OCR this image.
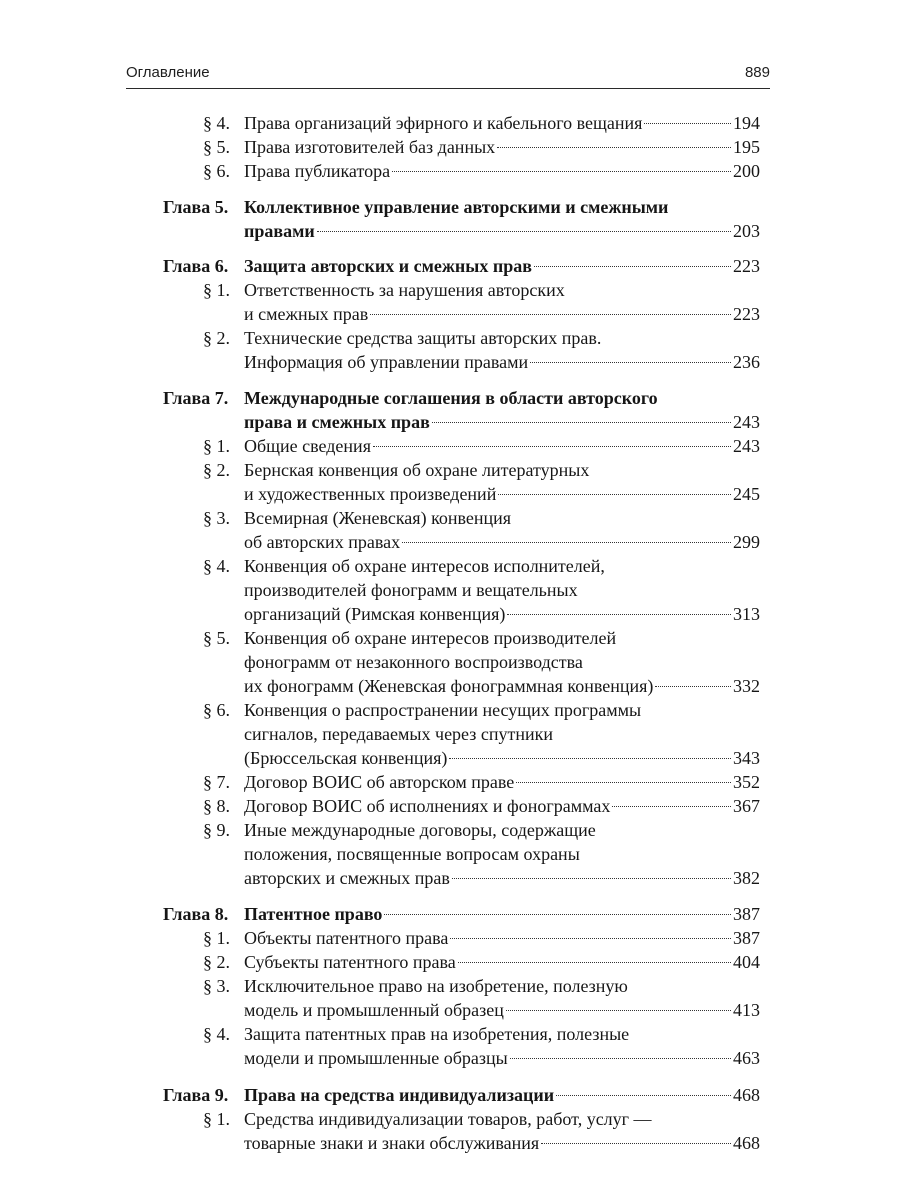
Оглавление	889
§ 4. Права организаций эфирного и кабельного вещания	194
§ 5. Права изготовителей баз данных	195
§ 6. Права публикатора	200
Глава 5. Коллективное управление авторскими и смежными
правами	203
Глава 6. Защита авторских и смежных прав	223
§ 1. Ответственность за нарушения авторских
и смежных прав	223
§ 2. Технические средства защиты авторских прав.
Информация об управлении правами	236
Глава 7. Международные соглашения в области авторского
права и смежных прав	243
§ 1. Общие сведения	243
§ 2. Бернская конвенция об охране литературных
и художественных произведений	245
§ 3. Всемирная (Женевская) конвенция
об авторских правах	299
§ 4. Конвенция об охране интересов исполнителей,
производителей фонограмм и вещательных
организаций (Римская конвенция)	313
§ 5. Конвенция об охране интересов производителей
фонограмм от незаконного воспроизводства
их фонограмм (Женевская фонограммная конвенция)	332
§ 6. Конвенция о распространении несущих программы
сигналов, передаваемых через спутники
(Брюссельская конвенция)	343
§ 7. Договор ВОИС об авторском праве	352
§ 8. Договор ВОИС об исполнениях и фонограммах	367
§ 9. Иные международные договоры, содержащие
положения, посвященные вопросам охраны
авторских и смежных прав	382
Глава 8. Патентное право	387
§ 1. Объекты патентного права	387
§ 2. Субъекты патентного права	404
§ 3. Исключительное право на изобретение, полезную
модель и промышленный образец	413
§ 4. Защита патентных прав на изобретения, полезные
модели и промышленные образцы	463
Глава 9. Права на средства индивидуализации	468
§ 1. Средства индивидуализации товаров, работ, услуг —
товарные знаки и знаки обслуживания	468
